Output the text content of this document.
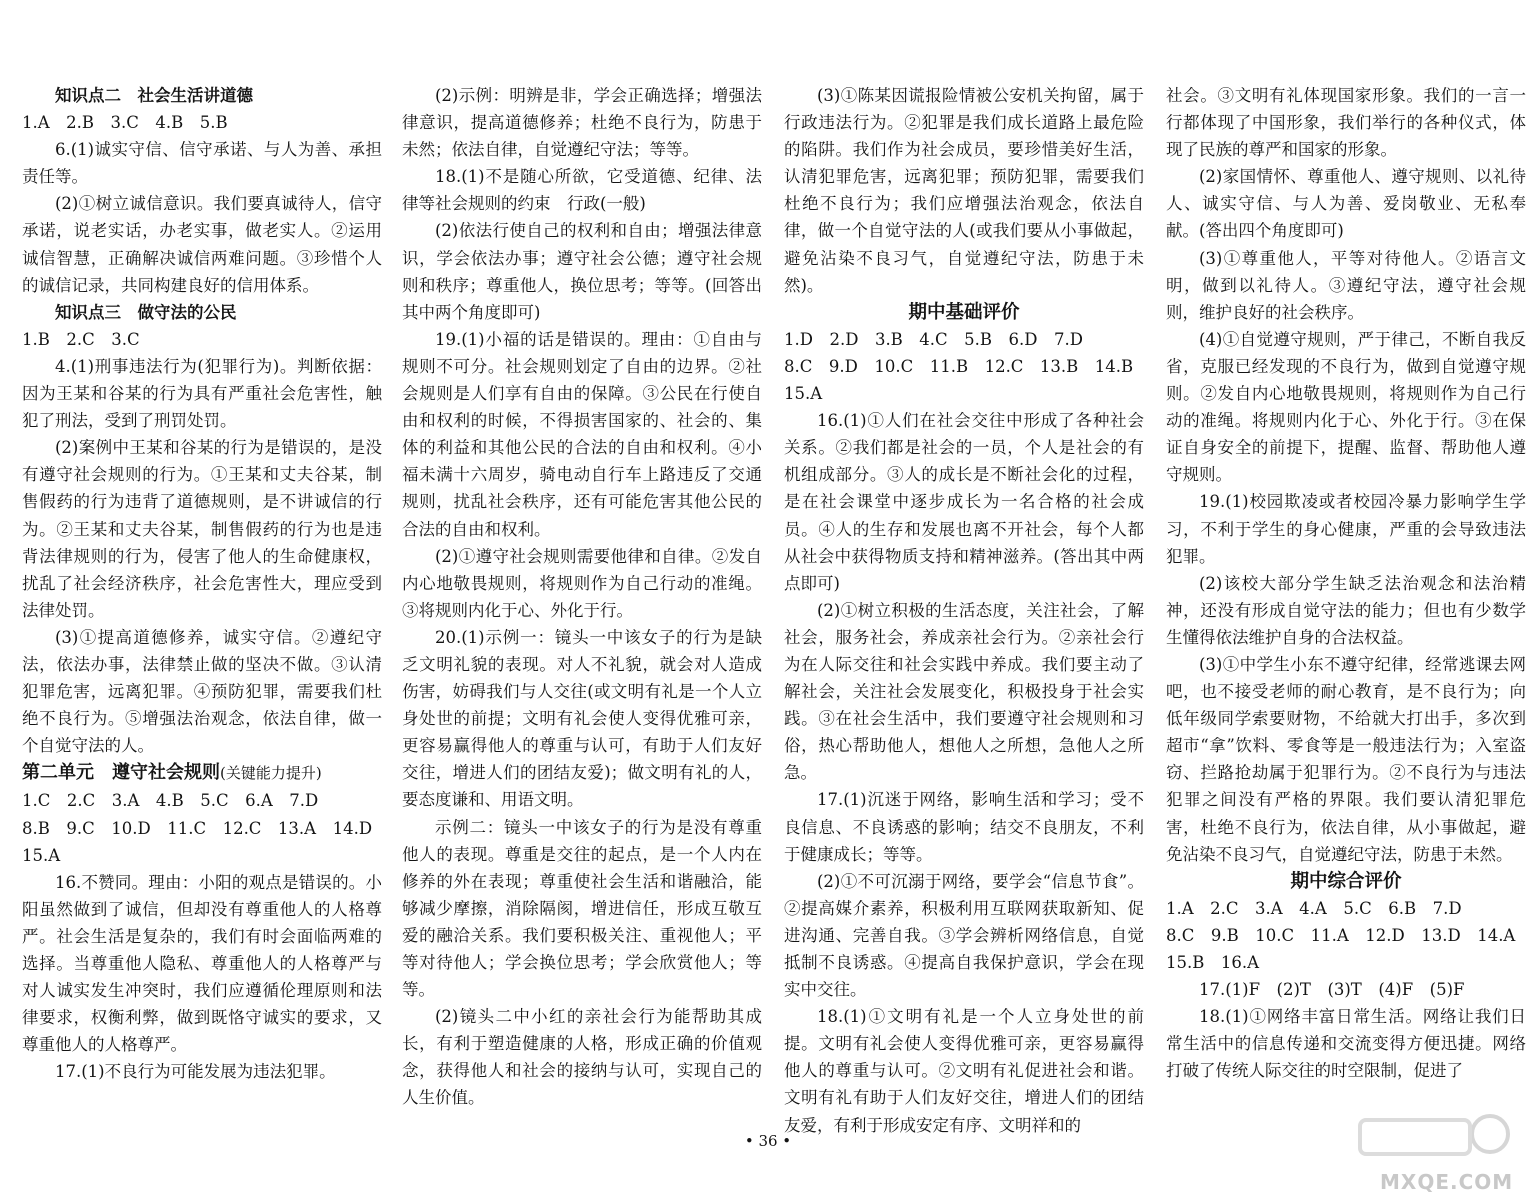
知识点二　社会生活讲道德

1.A　2.B　3.C　4.B　5.B

6.(1)诚实守信、信守承诺、与人为善、承担责任等。

(2)①树立诚信意识。我们要真诚待人，信守承诺，说老实话，办老实事，做老实人。②运用诚信智慧，正确解决诚信两难问题。③珍惜个人的诚信记录，共同构建良好的信用体系。

知识点三　做守法的公民

1.B　2.C　3.C

4.(1)刑事违法行为(犯罪行为)。判断依据：因为王某和谷某的行为具有严重社会危害性，触犯了刑法，受到了刑罚处罚。

(2)案例中王某和谷某的行为是错误的，是没有遵守社会规则的行为。①王某和丈夫谷某，制售假药的行为违背了道德规则，是不讲诚信的行为。②王某和丈夫谷某，制售假药的行为也是违背法律规则的行为，侵害了他人的生命健康权，扰乱了社会经济秩序，社会危害性大，理应受到法律处罚。

(3)①提高道德修养，诚实守信。②遵纪守法，依法办事，法律禁止做的坚决不做。③认清犯罪危害，远离犯罪。④预防犯罪，需要我们杜绝不良行为。⑤增强法治观念，依法自律，做一个自觉守法的人。

第二单元　遵守社会规则(关键能力提升)

1.C　2.C　3.A　4.B　5.C　6.A　7.D

8.B　9.C　10.D　11.C　12.C　13.A　14.D

15.A

16.不赞同。理由：小阳的观点是错误的。小阳虽然做到了诚信，但却没有尊重他人的人格尊严。社会生活是复杂的，我们有时会面临两难的选择。当尊重他人隐私、尊重他人的人格尊严与对人诚实发生冲突时，我们应遵循伦理原则和法律要求，权衡利弊，做到既恪守诚实的要求，又尊重他人的人格尊严。

17.(1)不良行为可能发展为违法犯罪。

(2)示例：明辨是非，学会正确选择；增强法律意识，提高道德修养；杜绝不良行为，防患于未然；依法自律，自觉遵纪守法；等等。

18.(1)不是随心所欲，它受道德、纪律、法律等社会规则的约束　行政(一般)

(2)依法行使自己的权利和自由；增强法律意识，学会依法办事；遵守社会公德；遵守社会规则和秩序；尊重他人，换位思考；等等。(回答出其中两个角度即可)

19.(1)小福的话是错误的。理由：①自由与规则不可分。社会规则划定了自由的边界。②社会规则是人们享有自由的保障。③公民在行使自由和权利的时候，不得损害国家的、社会的、集体的利益和其他公民的合法的自由和权利。④小福未满十六周岁，骑电动自行车上路违反了交通规则，扰乱社会秩序，还有可能危害其他公民的合法的自由和权利。

(2)①遵守社会规则需要他律和自律。②发自内心地敬畏规则，将规则作为自己行动的准绳。③将规则内化于心、外化于行。

20.(1)示例一：镜头一中该女子的行为是缺乏文明礼貌的表现。对人不礼貌，就会对人造成伤害，妨碍我们与人交往(或文明有礼是一个人立身处世的前提；文明有礼会使人变得优雅可亲，更容易赢得他人的尊重与认可，有助于人们友好交往，增进人们的团结友爱)；做文明有礼的人，要态度谦和、用语文明。

示例二：镜头一中该女子的行为是没有尊重他人的表现。尊重是交往的起点，是一个人内在修养的外在表现；尊重使社会生活和谐融洽，能够减少摩擦，消除隔阂，增进信任，形成互敬互爱的融洽关系。我们要积极关注、重视他人；平等对待他人；学会换位思考；学会欣赏他人；等等。

(2)镜头二中小红的亲社会行为能帮助其成长，有利于塑造健康的人格，形成正确的价值观念，获得他人和社会的接纳与认可，实现自己的人生价值。

(3)①陈某因谎报险情被公安机关拘留，属于行政违法行为。②犯罪是我们成长道路上最危险的陷阱。我们作为社会成员，要珍惜美好生活，认清犯罪危害，远离犯罪；预防犯罪，需要我们杜绝不良行为；我们应增强法治观念，依法自律，做一个自觉守法的人(或我们要从小事做起，避免沾染不良习气，自觉遵纪守法，防患于未然)。

期中基础评价

1.D　2.D　3.B　4.C　5.B　6.D　7.D

8.C　9.D　10.C　11.B　12.C　13.B　14.B

15.A

16.(1)①人们在社会交往中形成了各种社会关系。②我们都是社会的一员，个人是社会的有机组成部分。③人的成长是不断社会化的过程，是在社会课堂中逐步成长为一名合格的社会成员。④人的生存和发展也离不开社会，每个人都从社会中获得物质支持和精神滋养。(答出其中两点即可)

(2)①树立积极的生活态度，关注社会，了解社会，服务社会，养成亲社会行为。②亲社会行为在人际交往和社会实践中养成。我们要主动了解社会，关注社会发展变化，积极投身于社会实践。③在社会生活中，我们要遵守社会规则和习俗，热心帮助他人，想他人之所想，急他人之所急。

17.(1)沉迷于网络，影响生活和学习；受不良信息、不良诱惑的影响；结交不良朋友，不利于健康成长；等等。

(2)①不可沉溺于网络，要学会“信息节食”。②提高媒介素养，积极利用互联网获取新知、促进沟通、完善自我。③学会辨析网络信息，自觉抵制不良诱惑。④提高自我保护意识，学会在现实中交往。

18.(1)①文明有礼是一个人立身处世的前提。文明有礼会使人变得优雅可亲，更容易赢得他人的尊重与认可。②文明有礼促进社会和谐。文明有礼有助于人们友好交往，增进人们的团结友爱，有利于形成安定有序、文明祥和的

社会。③文明有礼体现国家形象。我们的一言一行都体现了中国形象，我们举行的各种仪式，体现了民族的尊严和国家的形象。

(2)家国情怀、尊重他人、遵守规则、以礼待人、诚实守信、与人为善、爱岗敬业、无私奉献。(答出四个角度即可)

(3)①尊重他人，平等对待他人。②语言文明，做到以礼待人。③遵纪守法，遵守社会规则，维护良好的社会秩序。

(4)①自觉遵守规则，严于律己，不断自我反省，克服已经发现的不良行为，做到自觉遵守规则。②发自内心地敬畏规则，将规则作为自己行动的准绳。将规则内化于心、外化于行。③在保证自身安全的前提下，提醒、监督、帮助他人遵守规则。

19.(1)校园欺凌或者校园冷暴力影响学生学习，不利于学生的身心健康，严重的会导致违法犯罪。

(2)该校大部分学生缺乏法治观念和法治精神，还没有形成自觉守法的能力；但也有少数学生懂得依法维护自身的合法权益。

(3)①中学生小东不遵守纪律，经常逃课去网吧，也不接受老师的耐心教育，是不良行为；向低年级同学索要财物，不给就大打出手，多次到超市“拿”饮料、零食等是一般违法行为；入室盗窃、拦路抢劫属于犯罪行为。②不良行为与违法犯罪之间没有严格的界限。我们要认清犯罪危害，杜绝不良行为，依法自律，从小事做起，避免沾染不良习气，自觉遵纪守法，防患于未然。

期中综合评价

1.A　2.C　3.A　4.A　5.C　6.B　7.D

8.C　9.B　10.C　11.A　12.D　13.D　14.A

15.B　16.A

17.(1)F　(2)T　(3)T　(4)F　(5)F

18.(1)①网络丰富日常生活。网络让我们日常生活中的信息传递和交流变得方便迅捷。网络打破了传统人际交往的时空限制，促进了

• 36 •
MXQE.COM
